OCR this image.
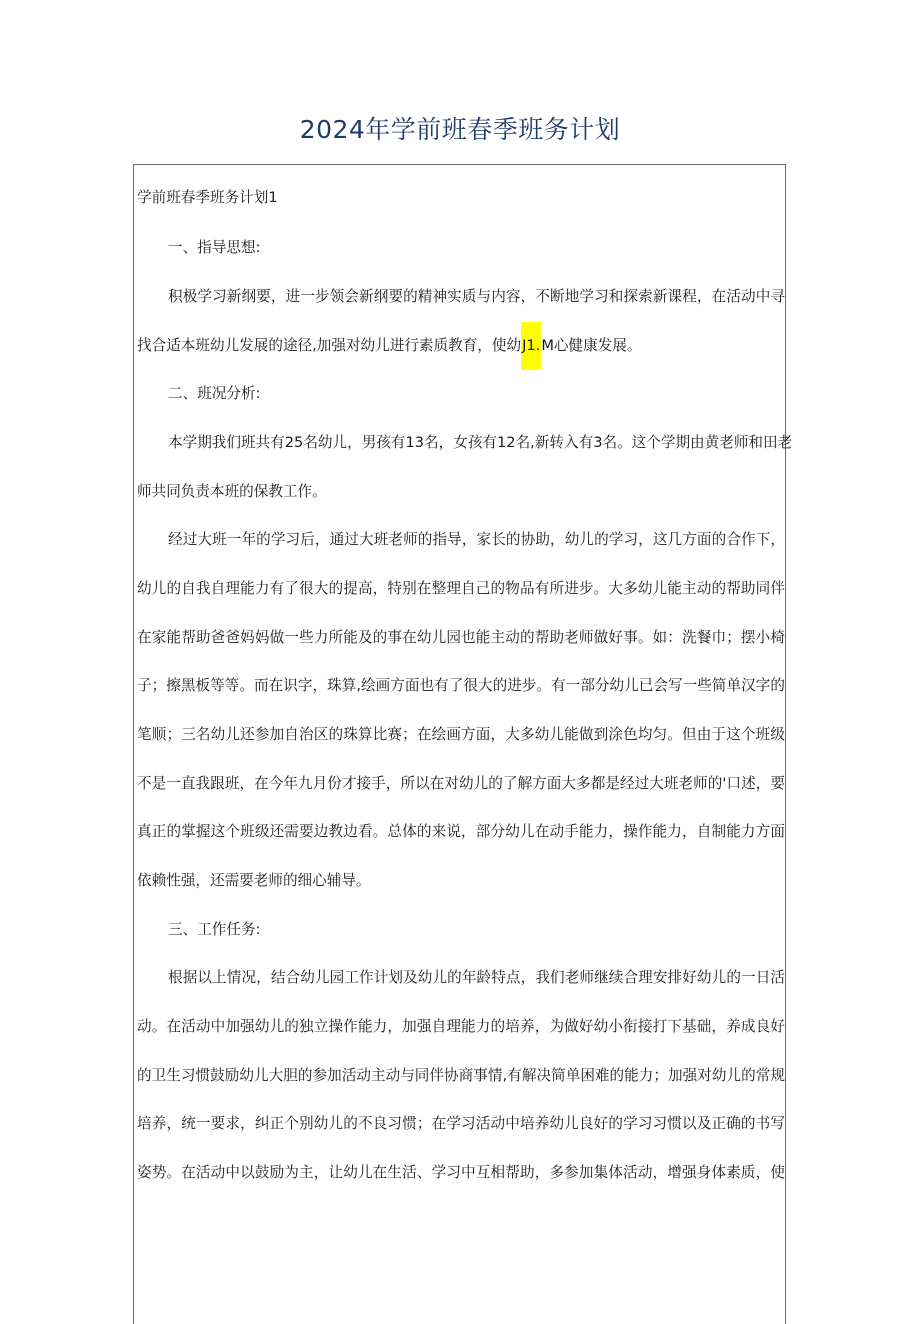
2024年学前班春季班务计划
学前班春季班务计划1
一、指导思想:
积极学习新纲要，进一步领会新纲要的精神实质与内容，不断地学习和探索新课程，在活动中寻
找合适本班幼儿发展的途径,加强对幼儿进行素质教育，使幼J1.M心健康发展。
二、班况分析:
本学期我们班共有25名幼儿，男孩有13名，女孩有12名,新转入有3名。这个学期由黄老师和田老
师共同负责本班的保教工作。
经过大班一年的学习后，通过大班老师的指导，家长的协助，幼儿的学习，这几方面的合作下，
幼儿的自我自理能力有了很大的提高，特别在整理自己的物品有所进步。大多幼儿能主动的帮助同伴
在家能帮助爸爸妈妈做一些力所能及的事在幼儿园也能主动的帮助老师做好事。如：洗餐巾；摆小椅
子；擦黑板等等。而在识字，珠算,绘画方面也有了很大的进步。有一部分幼儿已会写一些简单汉字的
笔顺；三名幼儿还参加自治区的珠算比赛；在绘画方面，大多幼儿能做到涂色均匀。但由于这个班级
不是一直我跟班，在今年九月份才接手，所以在对幼儿的了解方面大多都是经过大班老师的'口述，要
真正的掌握这个班级还需要边教边看。总体的来说，部分幼儿在动手能力，操作能力，自制能力方面
依赖性强，还需要老师的细心辅导。
三、工作任务:
根据以上情况，结合幼儿园工作计划及幼儿的年龄特点，我们老师继续合理安排好幼儿的一日活
动。在活动中加强幼儿的独立操作能力，加强自理能力的培养，为做好幼小衔接打下基础，养成良好
的卫生习惯鼓励幼儿大胆的参加活动主动与同伴协商事情,有解决简单困难的能力；加强对幼儿的常规
培养，统一要求，纠正个别幼儿的不良习惯；在学习活动中培养幼儿良好的学习习惯以及正确的书写
姿势。在活动中以鼓励为主，让幼儿在生活、学习中互相帮助，多参加集体活动，增强身体素质，使
